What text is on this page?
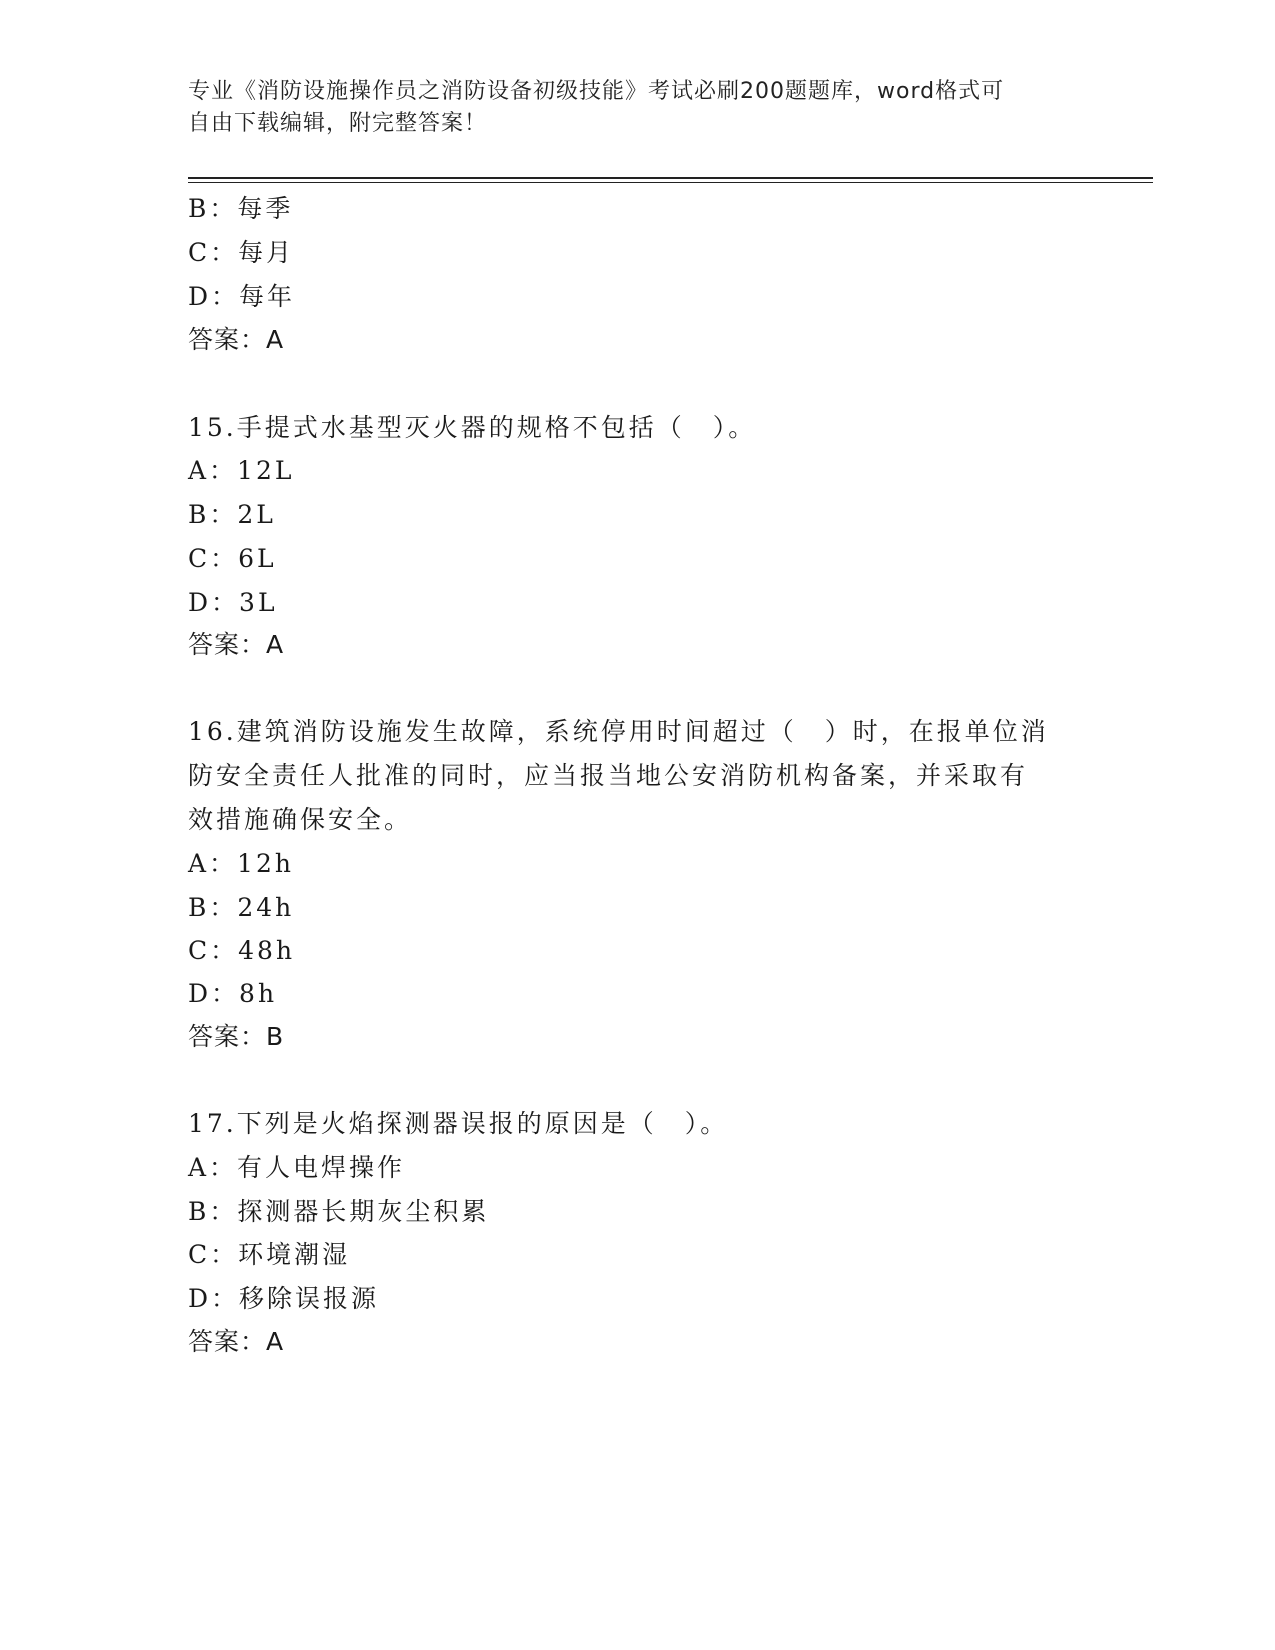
专业《消防设施操作员之消防设备初级技能》考试必刷200题题库，word格式可
自由下载编辑，附完整答案！
B：每季
C：每月
D：每年
答案：A
15.手提式水基型灭火器的规格不包括（　）。
A：12L
B：2L
C：6L
D：3L
答案：A
16.建筑消防设施发生故障，系统停用时间超过（　）时，在报单位消
防安全责任人批准的同时，应当报当地公安消防机构备案，并采取有
效措施确保安全。
A：12h
B：24h
C：48h
D：8h
答案：B
17.下列是火焰探测器误报的原因是（　）。
A：有人电焊操作
B：探测器长期灰尘积累
C：环境潮湿
D：移除误报源
答案：A
